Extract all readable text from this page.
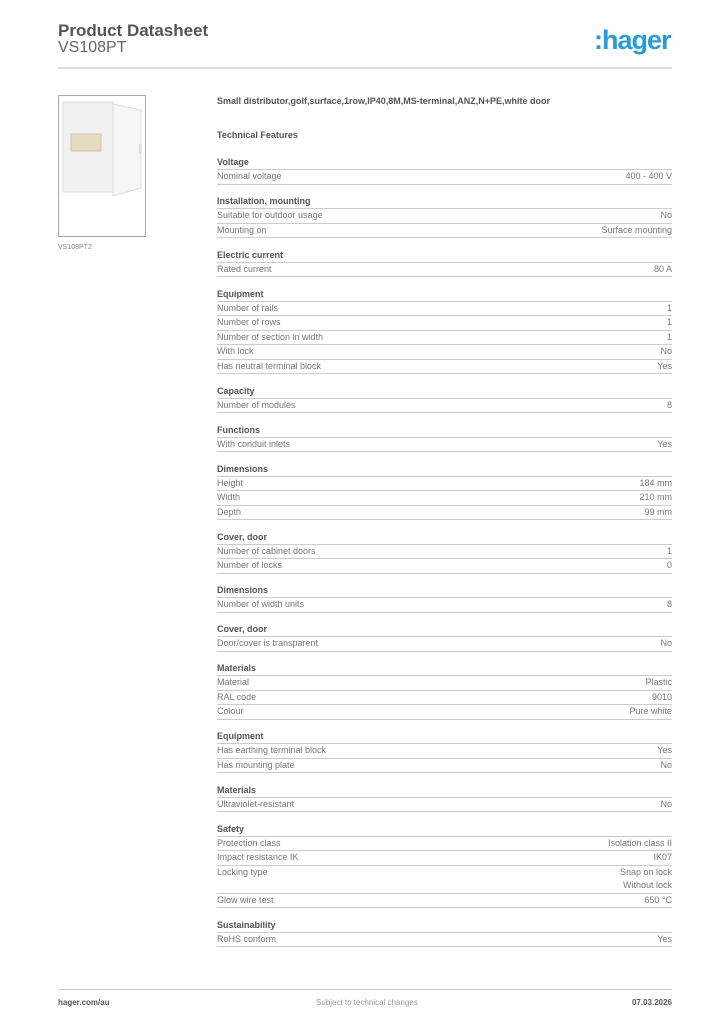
Product Datasheet
VS108PT	:hager
VS108PT2
Small distributor,golf,surface,1row,IP40,8M,MS-terminal,ANZ,N+PE,white door
Technical Features
Voltage
Nominal voltage	400 - 400 V
Installation, mounting
Suitable for outdoor usage	No
Mounting on	Surface mounting
Electric current
Rated current	80 A
Equipment
Number of rails	1
Number of rows	1
Number of section in width	1
With lock	No
Has neutral terminal block	Yes
Capacity
Number of modules	8
Functions
With conduit inlets	Yes
Dimensions
Height	184 mm
Width	210 mm
Depth	99 mm
Cover, door
Number of cabinet doors	1
Number of locks	0
Dimensions
Number of width units	8
Cover, door
Door/cover is transparent	No
Materials
Material	Plastic
RAL code	9010
Colour	Pure white
Equipment
Has earthing terminal block	Yes
Has mounting plate	No
Materials
Ultraviolet-resistant	No
Safety
Protection class	Isolation class II
Impact resistance IK	IK07
Locking type	Snap on lock
Without lock
Glow wire test	650 °C
Sustainability
RoHS conform	Yes
hager.com/au	Subject to technical changes	07.03.2026
